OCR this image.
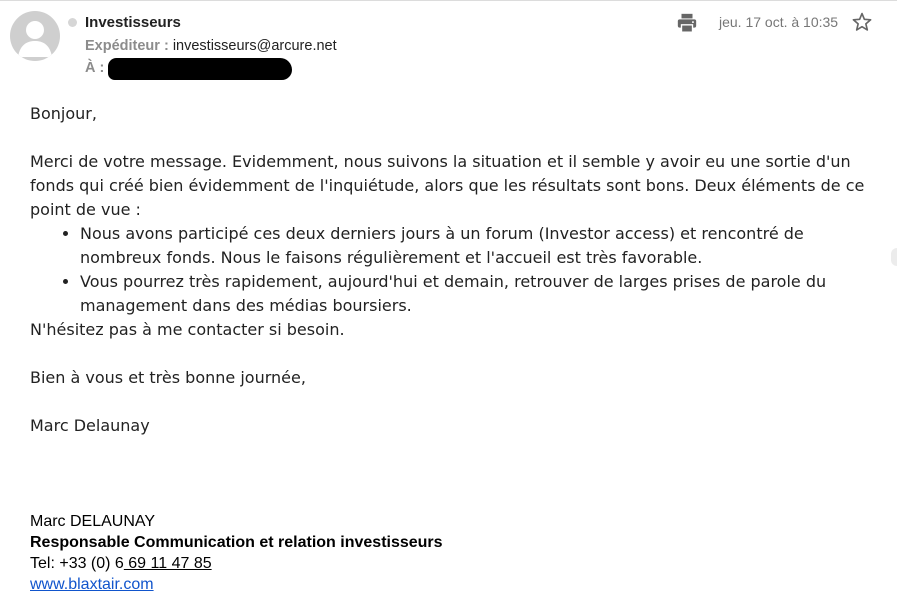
Investisseurs
Expéditeur : investisseurs@arcure.net
À :
jeu. 17 oct. à 10:35

Bonjour,

Merci de votre message. Evidemment, nous suivons la situation et il semble y avoir eu une sortie d'un fonds qui créé bien évidemment de l'inquiétude, alors que les résultats sont bons. Deux éléments de ce point de vue :

• Nous avons participé ces deux derniers jours à un forum (Investor access) et rencontré de nombreux fonds. Nous le faisons régulièrement et l'accueil est très favorable.
• Vous pourrez très rapidement, aujourd'hui et demain, retrouver de larges prises de parole du management dans des médias boursiers.

N'hésitez pas à me contacter si besoin.

Bien à vous et très bonne journée,

Marc Delaunay

Marc DELAUNAY
Responsable Communication et relation investisseurs
Tel: +33 (0) 6 69 11 47 85
www.blaxtair.com
